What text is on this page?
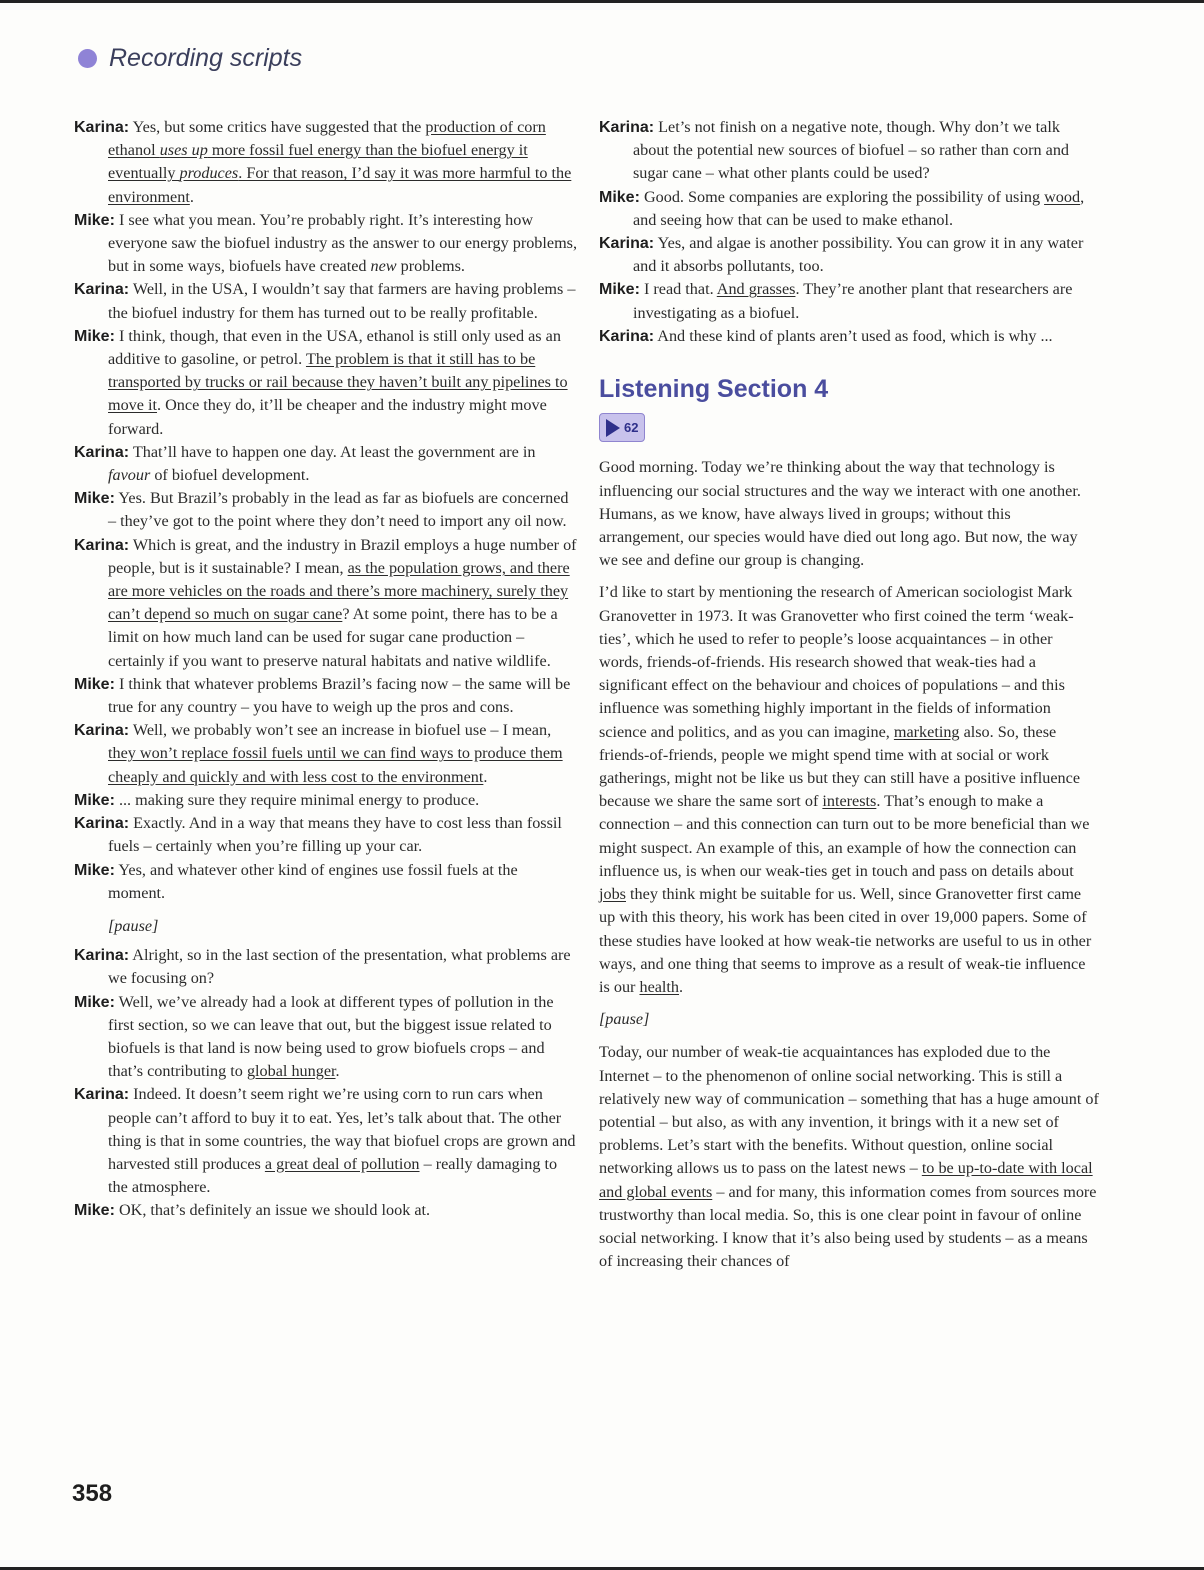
Recording scripts

Karina: Yes, but some critics have suggested that the production of corn ethanol uses up more fossil fuel energy than the biofuel energy it eventually produces. For that reason, I’d say it was more harmful to the environment.

Mike: I see what you mean. You’re probably right. It’s interesting how everyone saw the biofuel industry as the answer to our energy problems, but in some ways, biofuels have created new problems.

Karina: Well, in the USA, I wouldn’t say that farmers are having problems – the biofuel industry for them has turned out to be really profitable.

Mike: I think, though, that even in the USA, ethanol is still only used as an additive to gasoline, or petrol. The problem is that it still has to be transported by trucks or rail because they haven’t built any pipelines to move it. Once they do, it’ll be cheaper and the industry might move forward.

Karina: That’ll have to happen one day. At least the government are in favour of biofuel development.

Mike: Yes. But Brazil’s probably in the lead as far as biofuels are concerned – they’ve got to the point where they don’t need to import any oil now.

Karina: Which is great, and the industry in Brazil employs a huge number of people, but is it sustainable? I mean, as the population grows, and there are more vehicles on the roads and there’s more machinery, surely they can’t depend so much on sugar cane? At some point, there has to be a limit on how much land can be used for sugar cane production – certainly if you want to preserve natural habitats and native wildlife.

Mike: I think that whatever problems Brazil’s facing now – the same will be true for any country – you have to weigh up the pros and cons.

Karina: Well, we probably won’t see an increase in biofuel use – I mean, they won’t replace fossil fuels until we can find ways to produce them cheaply and quickly and with less cost to the environment.

Mike: ... making sure they require minimal energy to produce.

Karina: Exactly. And in a way that means they have to cost less than fossil fuels – certainly when you’re filling up your car.

Mike: Yes, and whatever other kind of engines use fossil fuels at the moment.

[pause]

Karina: Alright, so in the last section of the presentation, what problems are we focusing on?

Mike: Well, we’ve already had a look at different types of pollution in the first section, so we can leave that out, but the biggest issue related to biofuels is that land is now being used to grow biofuels crops – and that’s contributing to global hunger.

Karina: Indeed. It doesn’t seem right we’re using corn to run cars when people can’t afford to buy it to eat. Yes, let’s talk about that. The other thing is that in some countries, the way that biofuel crops are grown and harvested still produces a great deal of pollution – really damaging to the atmosphere.

Mike: OK, that’s definitely an issue we should look at.

Karina: Let’s not finish on a negative note, though. Why don’t we talk about the potential new sources of biofuel – so rather than corn and sugar cane – what other plants could be used?

Mike: Good. Some companies are exploring the possibility of using wood, and seeing how that can be used to make ethanol.

Karina: Yes, and algae is another possibility. You can grow it in any water and it absorbs pollutants, too.

Mike: I read that. And grasses. They’re another plant that researchers are investigating as a biofuel.

Karina: And these kind of plants aren’t used as food, which is why ...

Listening Section 4
62

Good morning. Today we’re thinking about the way that technology is influencing our social structures and the way we interact with one another. Humans, as we know, have always lived in groups; without this arrangement, our species would have died out long ago. But now, the way we see and define our group is changing.

I’d like to start by mentioning the research of American sociologist Mark Granovetter in 1973. It was Granovetter who first coined the term ‘weak-ties’, which he used to refer to people’s loose acquaintances – in other words, friends-of-friends. His research showed that weak-ties had a significant effect on the behaviour and choices of populations – and this influence was something highly important in the fields of information science and politics, and as you can imagine, marketing also. So, these friends-of-friends, people we might spend time with at social or work gatherings, might not be like us but they can still have a positive influence because we share the same sort of interests. That’s enough to make a connection – and this connection can turn out to be more beneficial than we might suspect. An example of this, an example of how the connection can influence us, is when our weak-ties get in touch and pass on details about jobs they think might be suitable for us. Well, since Granovetter first came up with this theory, his work has been cited in over 19,000 papers. Some of these studies have looked at how weak-tie networks are useful to us in other ways, and one thing that seems to improve as a result of weak-tie influence is our health.

[pause]

Today, our number of weak-tie acquaintances has exploded due to the Internet – to the phenomenon of online social networking. This is still a relatively new way of communication – something that has a huge amount of potential – but also, as with any invention, it brings with it a new set of problems. Let’s start with the benefits. Without question, online social networking allows us to pass on the latest news – to be up-to-date with local and global events – and for many, this information comes from sources more trustworthy than local media. So, this is one clear point in favour of online social networking. I know that it’s also being used by students – as a means of increasing their chances of

358
